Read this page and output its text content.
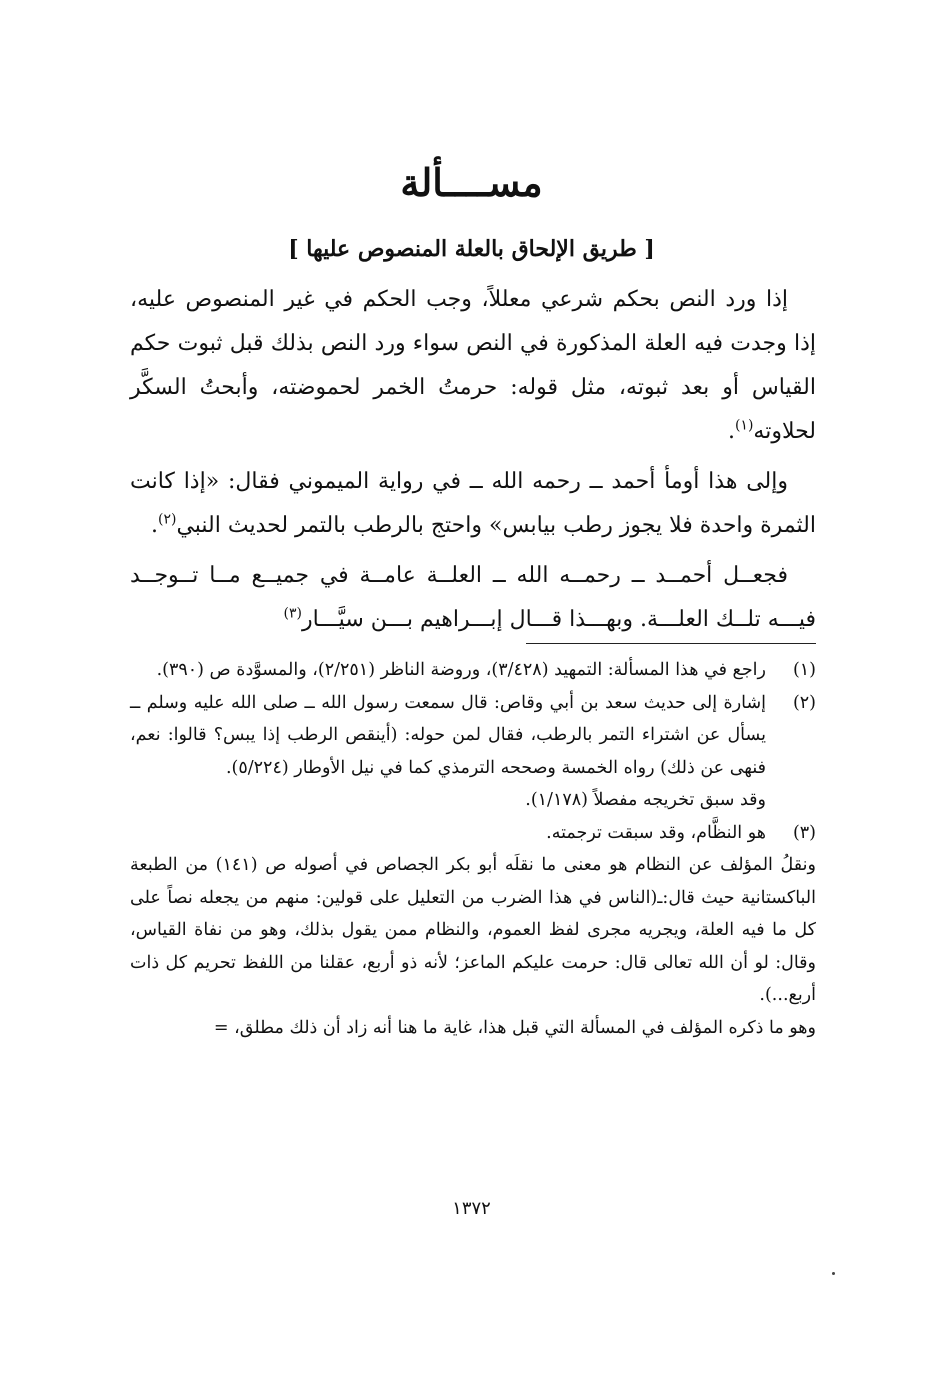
مســــألة
[ طريق الإلحاق بالعلة المنصوص عليها ]

إذا ورد النص بحكم شرعي معللاً، وجب الحكم في غير المنصوص عليه، إذا وجدت فيه العلة المذكورة في النص سواء ورد النص بذلك قبل ثبوت حكم القياس أو بعد ثبوته، مثل قوله: حرمتُ الخمر لحموضته، وأبحتُ السكَّر لحلاوته$^{(١)}$.

وإلى هذا أومأ أحمد ــ رحمه الله ــ في رواية الميموني فقال: «إذا كانت الثمرة واحدة فلا يجوز رطب بيابس» واحتج بالرطب بالتمر لحديث النبي$^{(٢)}$.

فجعــل أحمــد ــ رحمــه الله ــ العلــة عامــة في جميــع مــا تــوجــد فيـــه تلــك العلـــة. وبهـــذا قـــال إبـــراهيم بـــن سيَّـــار$^{(٣)}$

(١)
راجع في هذا المسألة: التمهيد (٣/٤٢٨)، وروضة الناظر (٢/٢٥١)، والمسوَّدة ص (٣٩٠).
(٢)
إشارة إلى حديث سعد بن أبي وقاص: قال سمعت رسول الله ــ صلى الله عليه وسلم ــ يسأل عن اشتراء التمر بالرطب، فقال لمن حوله: (أينقص الرطب إذا يبس؟ قالوا: نعم، فنهى عن ذلك) رواه الخمسة وصححه الترمذي كما في نيل الأوطار (٥/٢٢٤).

وقد سبق تخريجه مفصلاً (١/١٧٨).

(٣)
هو النظَّام، وقد سبقت ترجمته.

ونقلُ المؤلف عن النظام هو معنى ما نقلَه أبو بكر الجصاص في أصوله ص (١٤١) من الطبعة الباكستانية حيث قال:ـ(الناس في هذا الضرب من التعليل على قولين: منهم من يجعله نصاً على كل ما فيه العلة، ويجريه مجرى لفظ العموم، والنظام ممن يقول بذلك، وهو من نفاة القياس، وقال: لو أن الله تعالى قال: حرمت عليكم الماعز؛ لأنه ذو أربع، عقلنا من اللفظ تحريم كل ذات أربع...).

وهو ما ذكره المؤلف في المسألة التي قبل هذا، غاية ما هنا أنه زاد أن ذلك مطلق، =

١٣٧٢
